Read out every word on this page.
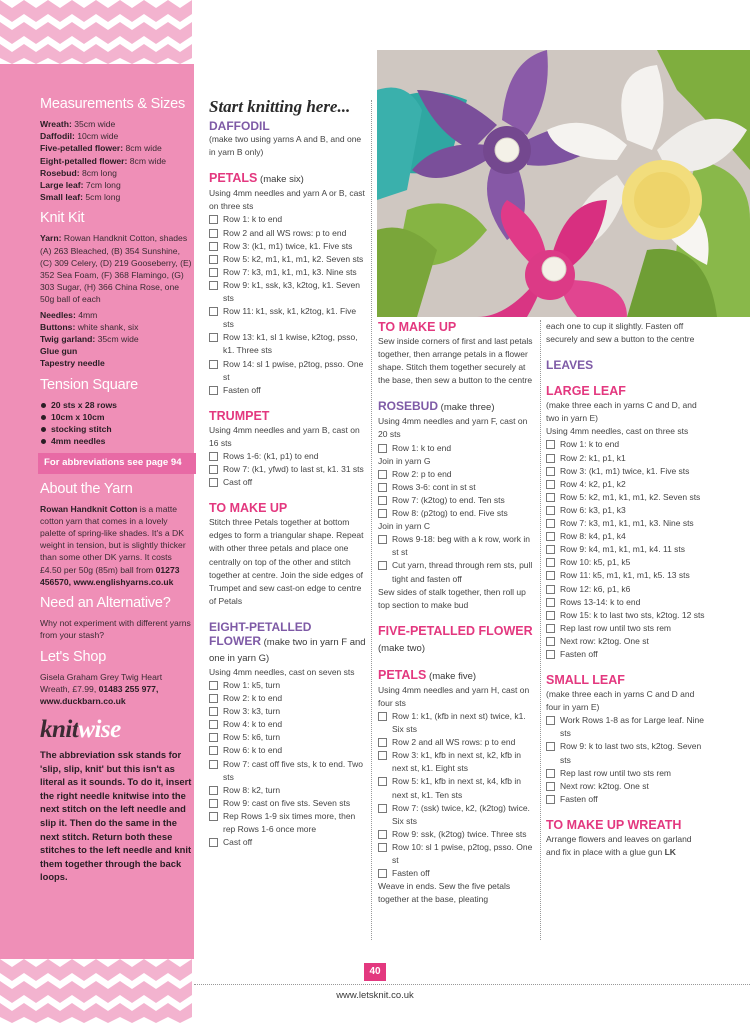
Measurements & Sizes
Wreath: 35cm wide
Daffodil: 10cm wide
Five-petalled flower: 8cm wide
Eight-petalled flower: 8cm wide
Rosebud: 8cm long
Large leaf: 7cm long
Small leaf: 5cm long
Knit Kit
Yarn: Rowan Handknit Cotton, shades (A) 263 Bleached, (B) 354 Sunshine, (C) 309 Celery, (D) 219 Gooseberry, (E) 352 Sea Foam, (F) 368 Flamingo, (G) 303 Sugar, (H) 366 China Rose, one 50g ball of each
Needles: 4mm
Buttons: white shank, six
Twig garland: 35cm wide
Glue gun
Tapestry needle
Tension Square
20 sts x 28 rows
10cm x 10cm
stocking stitch
4mm needles
For abbreviations see page 94
About the Yarn
Rowan Handknit Cotton is a matte cotton yarn that comes in a lovely palette of spring-like shades. It's a DK weight in tension, but is slightly thicker than some other DK yarns. It costs £4.50 per 50g (85m) ball from 01273 456570, www.englishyarns.co.uk
Need an Alternative?
Why not experiment with different yarns from your stash?
Let's Shop
Gisela Graham Grey Twig Heart Wreath, £7.99, 01483 255 977, www.duckbarn.co.uk
knitwise
The abbreviation ssk stands for 'slip, slip, knit' but this isn't as literal as it sounds. To do it, insert the right needle knitwise into the next stitch on the left needle and slip it. Then do the same in the next stitch. Return both these stitches to the left needle and knit them together through the back loops.
Start knitting here...
DAFFODIL
(make two using yarns A and B, and one in yarn B only)
PETALS (make six)
Using 4mm needles and yarn A or B, cast on three sts
Row 1: k to end
Row 2 and all WS rows: p to end
Row 3: (k1, m1) twice, k1. Five sts
Row 5: k2, m1, k1, m1, k2. Seven sts
Row 7: k3, m1, k1, m1, k3. Nine sts
Row 9: k1, ssk, k3, k2tog, k1. Seven sts
Row 11: k1, ssk, k1, k2tog, k1. Five sts
Row 13: k1, sl 1 kwise, k2tog, psso, k1. Three sts
Row 14: sl 1 pwise, p2tog, psso. One st
Fasten off
TRUMPET
Using 4mm needles and yarn B, cast on 16 sts
Rows 1-6: (k1, p1) to end
Row 7: (k1, yfwd) to last st, k1. 31 sts
Cast off
TO MAKE UP
Stitch three Petals together at bottom edges to form a triangular shape. Repeat with other three petals and place one centrally on top of the other and stitch together at centre. Join the side edges of Trumpet and sew cast-on edge to centre of Petals
EIGHT-PETALLED FLOWER (make two in yarn F and one in yarn G)
Using 4mm needles, cast on seven sts
Row 1: k5, turn
Row 2: k to end
Row 3: k3, turn
Row 4: k to end
Row 5: k6, turn
Row 6: k to end
Row 7: cast off five sts, k to end. Two sts
Row 8: k2, turn
Row 9: cast on five sts. Seven sts
Rep Rows 1-9 six times more, then rep Rows 1-6 once more
Cast off
TO MAKE UP
Sew inside corners of first and last petals together, then arrange petals in a flower shape. Stitch them together securely at the base, then sew a button to the centre
ROSEBUD (make three)
Using 4mm needles and yarn F, cast on 20 sts
Row 1: k to end
Join in yarn G
Row 2: p to end
Rows 3-6: cont in st st
Row 7: (k2tog) to end. Ten sts
Row 8: (p2tog) to end. Five sts
Join in yarn C
Rows 9-18: beg with a k row, work in st st
Cut yarn, thread through rem sts, pull tight and fasten off
Sew sides of stalk together, then roll up top section to make bud
FIVE-PETALLED FLOWER (make two)
PETALS (make five)
Using 4mm needles and yarn H, cast on four sts
Row 1: k1, (kfb in next st) twice, k1. Six sts
Row 2 and all WS rows: p to end
Row 3: k1, kfb in next st, k2, kfb in next st, k1. Eight sts
Row 5: k1, kfb in next st, k4, kfb in next st, k1. Ten sts
Row 7: (ssk) twice, k2, (k2tog) twice. Six sts
Row 9: ssk, (k2tog) twice. Three sts
Row 10: sl 1 pwise, p2tog, psso. One st
Fasten off
Weave in ends. Sew the five petals together at the base, pleating
each one to cup it slightly. Fasten off securely and sew a button to the centre
LEAVES
LARGE LEAF
(make three each in yarns C and D, and two in yarn E)
Using 4mm needles, cast on three sts
Row 1: k to end
Row 2: k1, p1, k1
Row 3: (k1, m1) twice, k1. Five sts
Row 4: k2, p1, k2
Row 5: k2, m1, k1, m1, k2. Seven sts
Row 6: k3, p1, k3
Row 7: k3, m1, k1, m1, k3. Nine sts
Row 8: k4, p1, k4
Row 9: k4, m1, k1, m1, k4. 11 sts
Row 10: k5, p1, k5
Row 11: k5, m1, k1, m1, k5. 13 sts
Row 12: k6, p1, k6
Rows 13-14: k to end
Row 15: k to last two sts, k2tog. 12 sts
Rep last row until two sts rem
Next row: k2tog. One st
Fasten off
SMALL LEAF
(make three each in yarns C and D and four in yarn E)
Work Rows 1-8 as for Large leaf. Nine sts
Row 9: k to last two sts, k2tog. Seven sts
Rep last row until two sts rem
Next row: k2tog. One st
Fasten off
TO MAKE UP WREATH
Arrange flowers and leaves on garland and fix in place with a glue gun LK
40
www.letsknit.co.uk
